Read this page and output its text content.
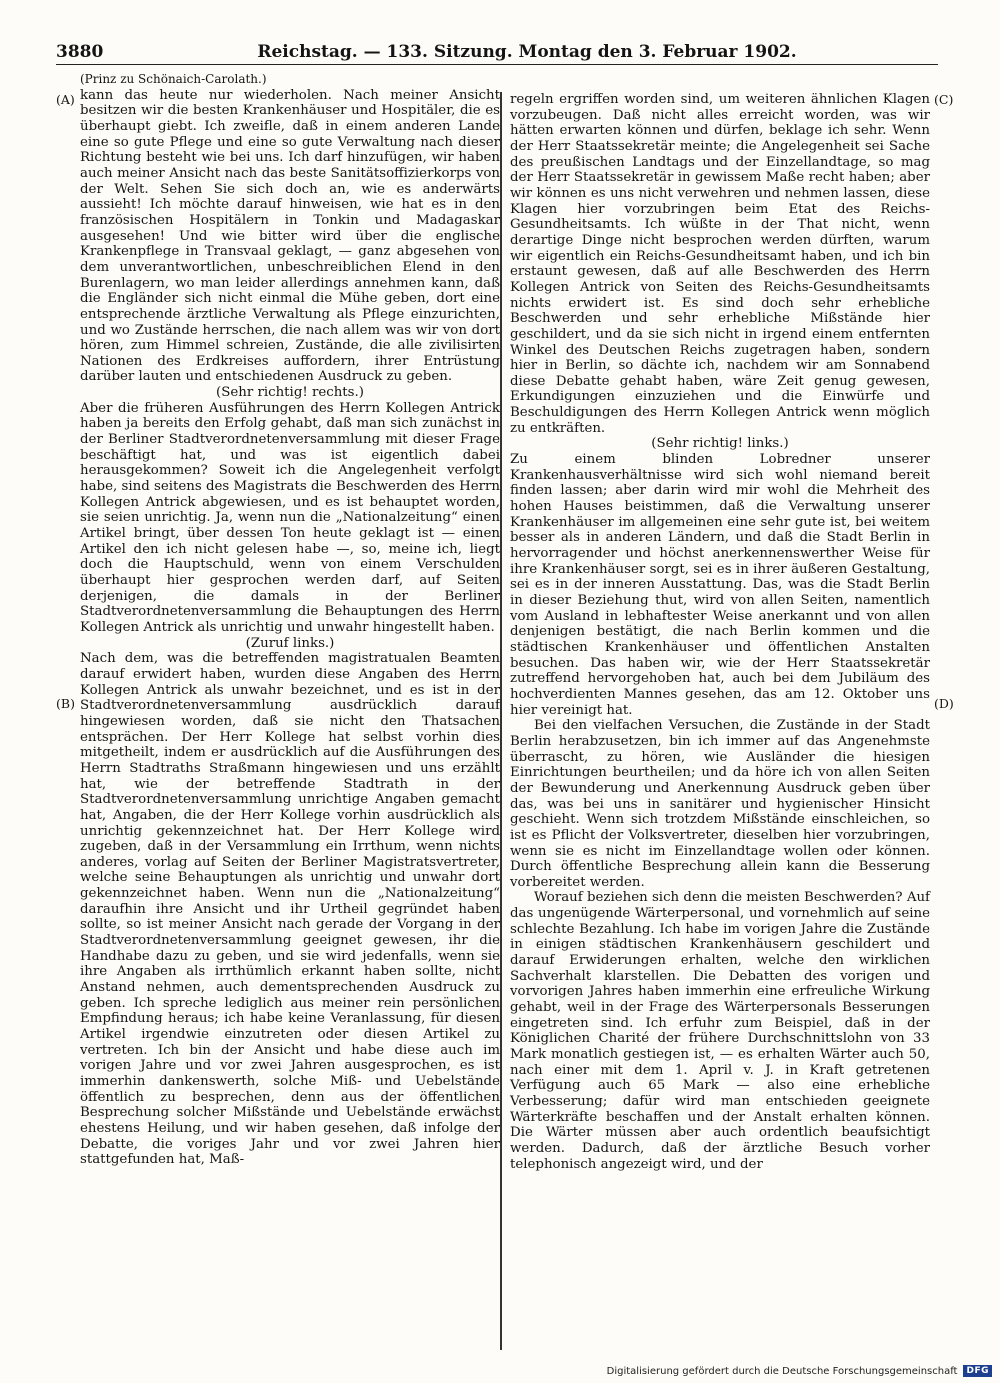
3880	Reichstag. — 133. Sitzung. Montag den 3. Februar 1902.
(A)
(B)
(C)
(D)

(Prinz zu Schönaich-Carolath.)

kann das heute nur wiederholen. Nach meiner Ansicht besitzen wir die besten Krankenhäuser und Hospitäler, die es überhaupt giebt. Ich zweifle, daß in einem anderen Lande eine so gute Pflege und eine so gute Verwaltung nach dieser Richtung besteht wie bei uns. Ich darf hinzufügen, wir haben auch meiner Ansicht nach das beste Sanitätsoffizierkorps von der Welt. Sehen Sie sich doch an, wie es anderwärts aussieht! Ich möchte darauf hinweisen, wie hat es in den französischen Hospitälern in Tonkin und Madagaskar ausgesehen! Und wie bitter wird über die englische Krankenpflege in Transvaal geklagt, — ganz abgesehen von dem unverantwortlichen, unbeschreiblichen Elend in den Burenlagern, wo man leider allerdings annehmen kann, daß die Engländer sich nicht einmal die Mühe geben, dort eine entsprechende ärztliche Verwaltung als Pflege einzurichten, und wo Zustände herrschen, die nach allem was wir von dort hören, zum Himmel schreien, Zustände, die alle zivilisirten Nationen des Erdkreises auffordern, ihrer Entrüstung darüber lauten und entschiedenen Ausdruck zu geben.

(Sehr richtig! rechts.)

Aber die früheren Ausführungen des Herrn Kollegen Antrick haben ja bereits den Erfolg gehabt, daß man sich zunächst in der Berliner Stadtverordnetenversammlung mit dieser Frage beschäftigt hat, und was ist eigentlich dabei herausgekommen? Soweit ich die Angelegenheit verfolgt habe, sind seitens des Magistrats die Beschwerden des Herrn Kollegen Antrick abgewiesen, und es ist behauptet worden, sie seien unrichtig. Ja, wenn nun die „Nationalzeitung“ einen Artikel bringt, über dessen Ton heute geklagt ist — einen Artikel den ich nicht gelesen habe —, so, meine ich, liegt doch die Hauptschuld, wenn von einem Verschulden überhaupt hier gesprochen werden darf, auf Seiten derjenigen, die damals in der Berliner Stadtverordnetenversammlung die Behauptungen des Herrn Kollegen Antrick als unrichtig und unwahr hingestellt haben.

(Zuruf links.)

Nach dem, was die betreffenden magistratualen Beamten darauf erwidert haben, wurden diese Angaben des Herrn Kollegen Antrick als unwahr bezeichnet, und es ist in der Stadtverordnetenversammlung ausdrücklich darauf hingewiesen worden, daß sie nicht den Thatsachen entsprächen. Der Herr Kollege hat selbst vorhin dies mitgetheilt, indem er ausdrücklich auf die Ausführungen des Herrn Stadtraths Straßmann hingewiesen und uns erzählt hat, wie der betreffende Stadtrath in der Stadtverordnetenversammlung unrichtige Angaben gemacht hat, Angaben, die der Herr Kollege vorhin ausdrücklich als unrichtig gekennzeichnet hat. Der Herr Kollege wird zugeben, daß in der Versammlung ein Irrthum, wenn nichts anderes, vorlag auf Seiten der Berliner Magistratsvertreter, welche seine Behauptungen als unrichtig und unwahr dort gekennzeichnet haben. Wenn nun die „Nationalzeitung“ daraufhin ihre Ansicht und ihr Urtheil gegründet haben sollte, so ist meiner Ansicht nach gerade der Vorgang in der Stadtverordnetenversammlung geeignet gewesen, ihr die Handhabe dazu zu geben, und sie wird jedenfalls, wenn sie ihre Angaben als irrthümlich erkannt haben sollte, nicht Anstand nehmen, auch dementsprechenden Ausdruck zu geben. Ich spreche lediglich aus meiner rein persönlichen Empfindung heraus; ich habe keine Veranlassung, für diesen Artikel irgendwie einzutreten oder diesen Artikel zu vertreten. Ich bin der Ansicht und habe diese auch im vorigen Jahre und vor zwei Jahren ausgesprochen, es ist immerhin dankenswerth, solche Miß- und Uebelstände öffentlich zu besprechen, denn aus der öffentlichen Besprechung solcher Mißstände und Uebelstände erwächst ehestens Heilung, und wir haben gesehen, daß infolge der Debatte, die voriges Jahr und vor zwei Jahren hier stattgefunden hat, Maß-

regeln ergriffen worden sind, um weiteren ähnlichen Klagen vorzubeugen. Daß nicht alles erreicht worden, was wir hätten erwarten können und dürfen, beklage ich sehr. Wenn der Herr Staatssekretär meinte; die Angelegenheit sei Sache des preußischen Landtags und der Einzellandtage, so mag der Herr Staatssekretär in gewissem Maße recht haben; aber wir können es uns nicht verwehren und nehmen lassen, diese Klagen hier vorzubringen beim Etat des Reichs-Gesundheitsamts. Ich wüßte in der That nicht, wenn derartige Dinge nicht besprochen werden dürften, warum wir eigentlich ein Reichs-Gesundheitsamt haben, und ich bin erstaunt gewesen, daß auf alle Beschwerden des Herrn Kollegen Antrick von Seiten des Reichs-Gesundheitsamts nichts erwidert ist. Es sind doch sehr erhebliche Beschwerden und sehr erhebliche Mißstände hier geschildert, und da sie sich nicht in irgend einem entfernten Winkel des Deutschen Reichs zugetragen haben, sondern hier in Berlin, so dächte ich, nachdem wir am Sonnabend diese Debatte gehabt haben, wäre Zeit genug gewesen, Erkundigungen einzuziehen und die Einwürfe und Beschuldigungen des Herrn Kollegen Antrick wenn möglich zu entkräften.

(Sehr richtig! links.)

Zu einem blinden Lobredner unserer Krankenhausverhältnisse wird sich wohl niemand bereit finden lassen; aber darin wird mir wohl die Mehrheit des hohen Hauses beistimmen, daß die Verwaltung unserer Krankenhäuser im allgemeinen eine sehr gute ist, bei weitem besser als in anderen Ländern, und daß die Stadt Berlin in hervorragender und höchst anerkennenswerther Weise für ihre Krankenhäuser sorgt, sei es in ihrer äußeren Gestaltung, sei es in der inneren Ausstattung. Das, was die Stadt Berlin in dieser Beziehung thut, wird von allen Seiten, namentlich vom Ausland in lebhaftester Weise anerkannt und von allen denjenigen bestätigt, die nach Berlin kommen und die städtischen Krankenhäuser und öffentlichen Anstalten besuchen. Das haben wir, wie der Herr Staatssekretär zutreffend hervorgehoben hat, auch bei dem Jubiläum des hochverdienten Mannes gesehen, das am 12. Oktober uns hier vereinigt hat.

Bei den vielfachen Versuchen, die Zustände in der Stadt Berlin herabzusetzen, bin ich immer auf das Angenehmste überrascht, zu hören, wie Ausländer die hiesigen Einrichtungen beurtheilen; und da höre ich von allen Seiten der Bewunderung und Anerkennung Ausdruck geben über das, was bei uns in sanitärer und hygienischer Hinsicht geschieht. Wenn sich trotzdem Mißstände einschleichen, so ist es Pflicht der Volksvertreter, dieselben hier vorzubringen, wenn sie es nicht im Einzellandtage wollen oder können. Durch öffentliche Besprechung allein kann die Besserung vorbereitet werden.

Worauf beziehen sich denn die meisten Beschwerden? Auf das ungenügende Wärterpersonal, und vornehmlich auf seine schlechte Bezahlung. Ich habe im vorigen Jahre die Zustände in einigen städtischen Krankenhäusern geschildert und darauf Erwiderungen erhalten, welche den wirklichen Sachverhalt klarstellen. Die Debatten des vorigen und vorvorigen Jahres haben immerhin eine erfreuliche Wirkung gehabt, weil in der Frage des Wärterpersonals Besserungen eingetreten sind. Ich erfuhr zum Beispiel, daß in der Königlichen Charité der frühere Durchschnittslohn von 33 Mark monatlich gestiegen ist, — es erhalten Wärter auch 50, nach einer mit dem 1. April v. J. in Kraft getretenen Verfügung auch 65 Mark — also eine erhebliche Verbesserung; dafür wird man entschieden geeignete Wärterkräfte beschaffen und der Anstalt erhalten können. Die Wärter müssen aber auch ordentlich beaufsichtigt werden. Dadurch, daß der ärztliche Besuch vorher telephonisch angezeigt wird, und der

Digitalisierung gefördert durch die Deutsche Forschungsgemeinschaft	DFG
